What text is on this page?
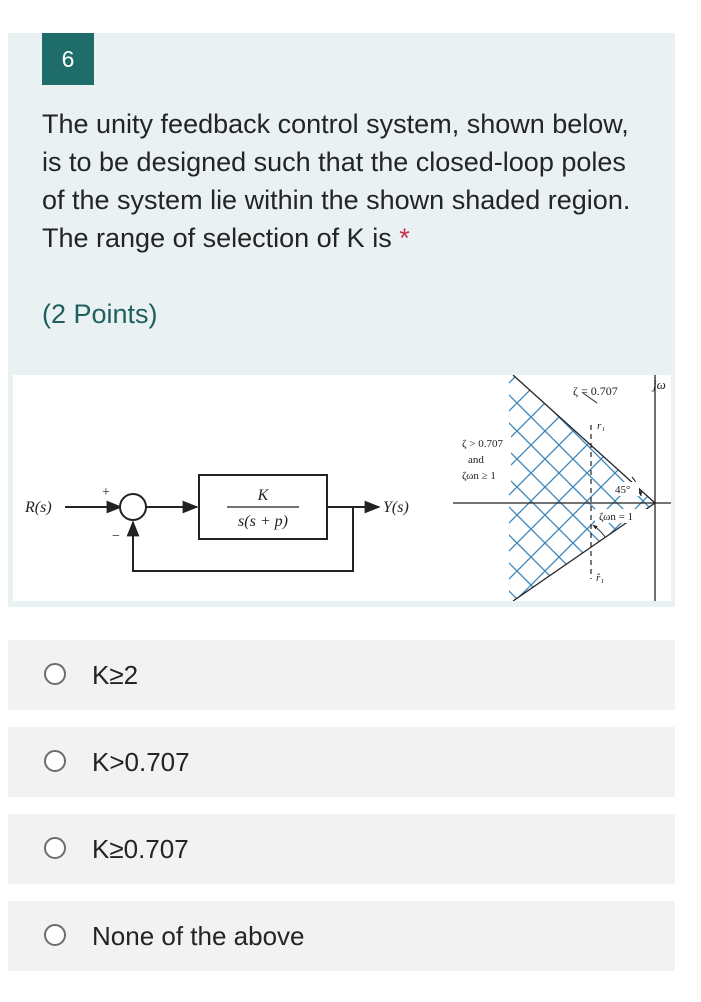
6
The unity feedback control system, shown below, is to be designed such that the closed-loop poles of the system lie within the shown shaded region. The range of selection of K is *
(2 Points)
R(s)
+
−
K
s(s + p)
Y(s)
ζ = 0.707	jω
ζ > 0.707
and
ζωn ≥ 1
r₁
r̂₁
45°
ζωn = 1
K≥2
K>0.707
K≥0.707
None of the above
